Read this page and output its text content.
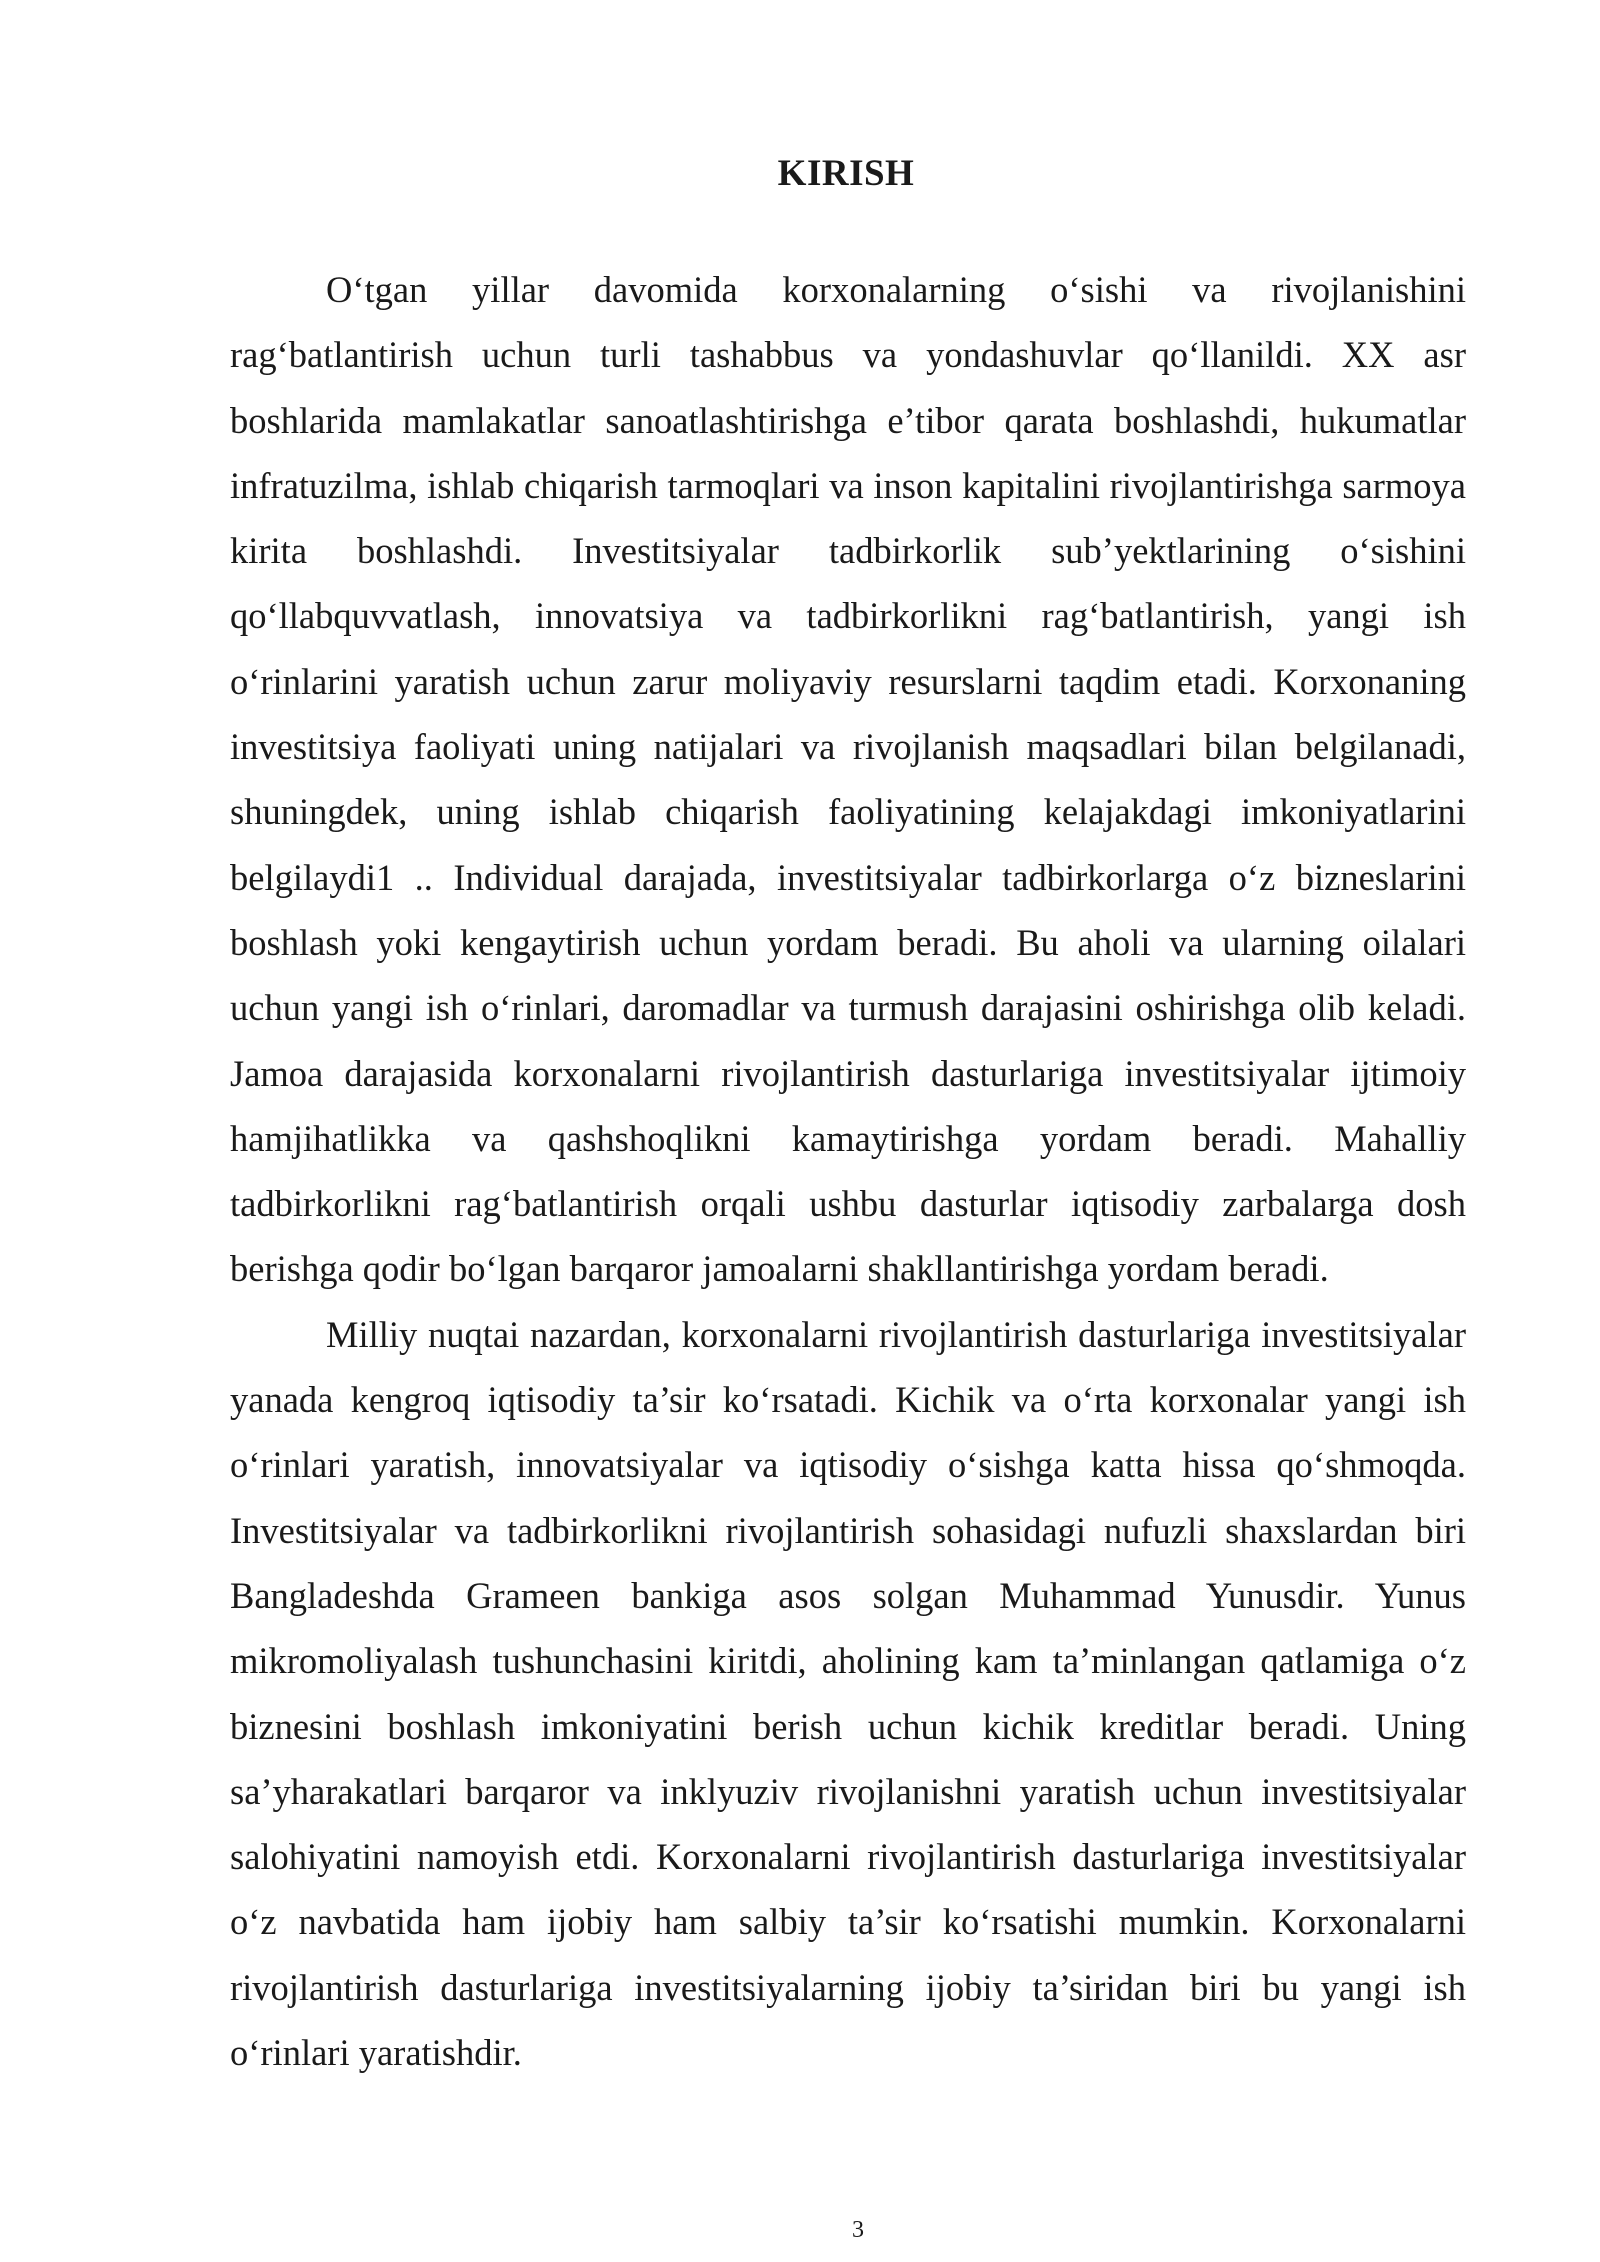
KIRISH

O‘tgan yillar davomida korxonalarning o‘sishi va rivojlanishini rag‘batlantirish uchun turli tashabbus va yondashuvlar qo‘llanildi. XX asr boshlarida mamlakatlar sanoatlashtirishga e’tibor qarata boshlashdi, hukumatlar infratuzilma, ishlab chiqarish tarmoqlari va inson kapitalini rivojlantirishga sarmoya kirita boshlashdi. Investitsiyalar tadbirkorlik sub’yektlarining o‘sishini qo‘llabquvvatlash, innovatsiya va tadbirkorlikni rag‘batlantirish, yangi ish o‘rinlarini yaratish uchun zarur moliyaviy resurslarni taqdim etadi. Korxonaning investitsiya faoliyati uning natijalari va rivojlanish maqsadlari bilan belgilanadi, shuningdek, uning ishlab chiqarish faoliyatining kelajakdagi imkoniyatlarini belgilaydi1 .. Individual darajada, investitsiyalar tadbirkorlarga o‘z bizneslarini boshlash yoki kengaytirish uchun yordam beradi. Bu aholi va ularning oilalari uchun yangi ish o‘rinlari, daromadlar va turmush darajasini oshirishga olib keladi. Jamoa darajasida korxonalarni rivojlantirish dasturlariga investitsiyalar ijtimoiy hamjihatlikka va qashshoqlikni kamaytirishga yordam beradi. Mahalliy tadbirkorlikni rag‘batlantirish orqali ushbu dasturlar iqtisodiy zarbalarga dosh berishga qodir bo‘lgan barqaror jamoalarni shakllantirishga yordam beradi.

Milliy nuqtai nazardan, korxonalarni rivojlantirish dasturlariga investitsiyalar yanada kengroq iqtisodiy ta’sir ko‘rsatadi. Kichik va o‘rta korxonalar yangi ish o‘rinlari yaratish, innovatsiyalar va iqtisodiy o‘sishga katta hissa qo‘shmoqda. Investitsiyalar va tadbirkorlikni rivojlantirish sohasidagi nufuzli shaxslardan biri Bangladeshda Grameen bankiga asos solgan Muhammad Yunusdir. Yunus mikromoliyalash tushunchasini kiritdi, aholining kam ta’minlangan qatlamiga o‘z biznesini boshlash imkoniyatini berish uchun kichik kreditlar beradi. Uning sa’yharakatlari barqaror va inklyuziv rivojlanishni yaratish uchun investitsiyalar salohiyatini namoyish etdi. Korxonalarni rivojlantirish dasturlariga investitsiyalar o‘z navbatida ham ijobiy ham salbiy ta’sir ko‘rsatishi mumkin. Korxonalarni rivojlantirish dasturlariga investitsiyalarning ijobiy ta’siridan biri bu yangi ish o‘rinlari yaratishdir.

3
